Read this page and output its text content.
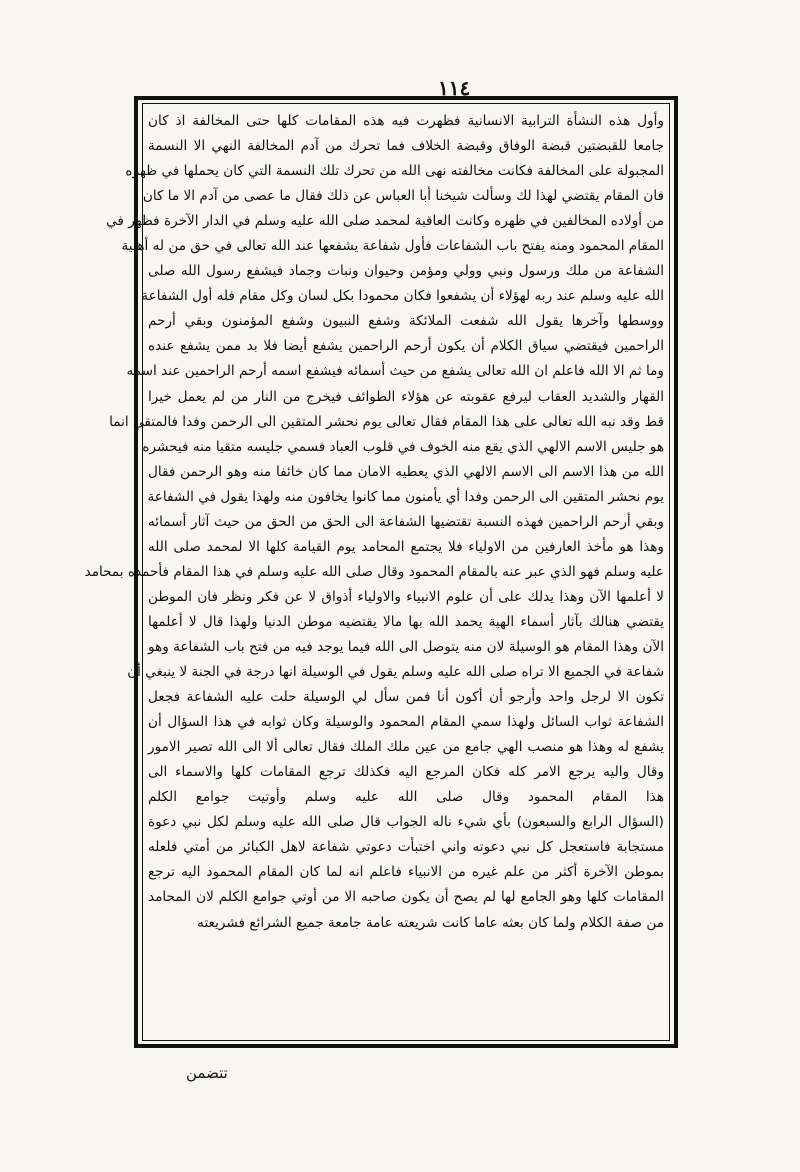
١١٤
وأول هذه النشأة الترابية الانسانية فظهرت فيه هذه المقامات كلها حتى المخالفة اذ كان
جامعا للقبضتين قبضة الوفاق وقبضة الخلاف فما تحرك من آدم المخالفة النهي الا النسمة
المجبولة على المخالفة فكانت مخالفته نهى الله من تحرك تلك النسمة التي كان يحملها في ظهره
فان المقام يقتضي لهذا لك وسألت شيخنا أبا العباس عن ذلك فقال ما عصى من آدم الا ما كان
من أولاده المخالفين في ظهره وكانت العاقبة لمحمد صلى الله عليه وسلم في الدار الآخرة فظهر في
المقام المحمود ومنه يفتح باب الشفاعات فأول شفاعة يشفعها عند الله تعالى في حق من له أهلية
الشفاعة من ملك ورسول ونبي وولي ومؤمن وحيوان ونبات وجماد فيشفع رسول الله صلى
الله عليه وسلم عند ربه لهؤلاء أن يشفعوا فكان محمودا بكل لسان وكل مقام فله أول الشفاعة
ووسطها وآخرها يقول الله شفعت الملائكة وشفع النبيون وشفع المؤمنون وبقي أرحم
الراحمين فيقتضي سياق الكلام أن يكون أرحم الراحمين يشفع أيضا فلا بد ممن يشفع عنده
وما ثم الا الله فاعلم ان الله تعالى يشفع من حيث أسمائه فيشفع اسمه أرحم الراحمين عند اسمه
القهار والشديد العقاب ليرفع عقوبته عن هؤلاء الطوائف فيخرج من النار من لم يعمل خيرا
قط وقد نبه الله تعالى على هذا المقام فقال تعالى يوم نحشر المتقين الى الرحمن وفدا فالمتقي انما
هو جليس الاسم الالهي الذي يقع منه الخوف في قلوب العباد فسمي جليسه متقيا منه فيحشره
الله من هذا الاسم الى الاسم الالهي الذي يعطيه الامان مما كان خائفا منه وهو الرحمن فقال
يوم نحشر المتقين الى الرحمن وفدا أي يأمنون مما كانوا يخافون منه ولهذا يقول في الشفاعة
وبقي أرحم الراحمين فهذه النسبة تقتضيها الشفاعة الى الحق من الحق من حيث آثار أسمائه
وهذا هو مأخذ العارفين من الاولياء فلا يجتمع المحامد يوم القيامة كلها الا لمحمد صلى الله
عليه وسلم فهو الذي عبر عنه بالمقام المحمود وقال صلى الله عليه وسلم في هذا المقام فأحمده بمحامد
لا أعلمها الآن وهذا يدلك على أن علوم الانبياء والاولياء أذواق لا عن فكر ونظر فان الموطن
يقتضي هنالك بآثار أسماء الهية يحمد الله بها مالا يقتضيه موطن الدنيا ولهذا قال لا أعلمها
الآن وهذا المقام هو الوسيلة لان منه يتوصل الى الله فيما يوجد فيه من فتح باب الشفاعة وهو
شفاعة في الجميع الا تراه صلى الله عليه وسلم يقول في الوسيلة انها درجة في الجنة لا ينبغي أن
تكون الا لرجل واحد وأرجو أن أكون أنا فمن سأل لي الوسيلة حلت عليه الشفاعة فجعل
الشفاعة ثواب السائل ولهذا سمي المقام المحمود والوسيلة وكان ثوابه في هذا السؤال أن
يشفع له وهذا هو منصب الهي جامع من عين ملك الملك فقال تعالى ألا الى الله تصير الامور
وقال واليه يرجع الامر كله فكان المرجع اليه فكذلك ترجع المقامات كلها والاسماء الى
هذا المقام المحمود وقال صلى الله عليه وسلم وأوتيت جوامع الكلم
(السؤال الرابع والسبعون) بأي شيء ناله الجواب قال صلى الله عليه وسلم لكل نبي دعوة
مستجابة فاستعجل كل نبي دعوته واني اختبأت دعوتي شفاعة لاهل الكبائر من أمتي فلعله
بموطن الآخرة أكثر من علم غيره من الانبياء فاعلم انه لما كان المقام المحمود اليه ترجع
المقامات كلها وهو الجامع لها لم يصح أن يكون صاحبه الا من أوتي جوامع الكلم لان المحامد
من صفة الكلام ولما كان بعثه عاما كانت شريعته عامة جامعة جميع الشرائع فشريعته
تتضمن
